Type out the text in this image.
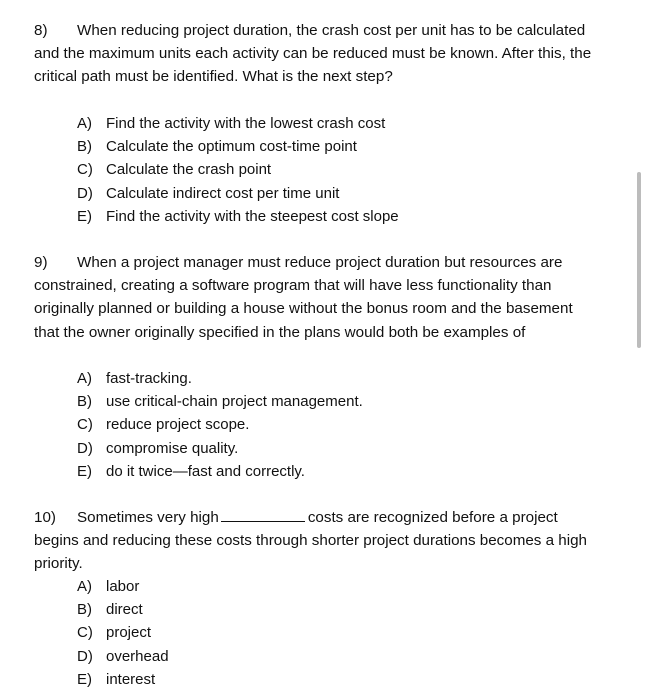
8) When reducing project duration, the crash cost per unit has to be calculated and the maximum units each activity can be reduced must be known. After this, the critical path must be identified. What is the next step?
A) Find the activity with the lowest crash cost
B) Calculate the optimum cost-time point
C) Calculate the crash point
D) Calculate indirect cost per time unit
E) Find the activity with the steepest cost slope
9) When a project manager must reduce project duration but resources are constrained, creating a software program that will have less functionality than originally planned or building a house without the bonus room and the basement that the owner originally specified in the plans would both be examples of
A) fast-tracking.
B) use critical-chain project management.
C) reduce project scope.
D) compromise quality.
E) do it twice—fast and correctly.
10) Sometimes very high	costs are recognized before a project begins and reducing these costs through shorter project durations becomes a high priority.
A) labor
B) direct
C) project
D) overhead
E) interest
